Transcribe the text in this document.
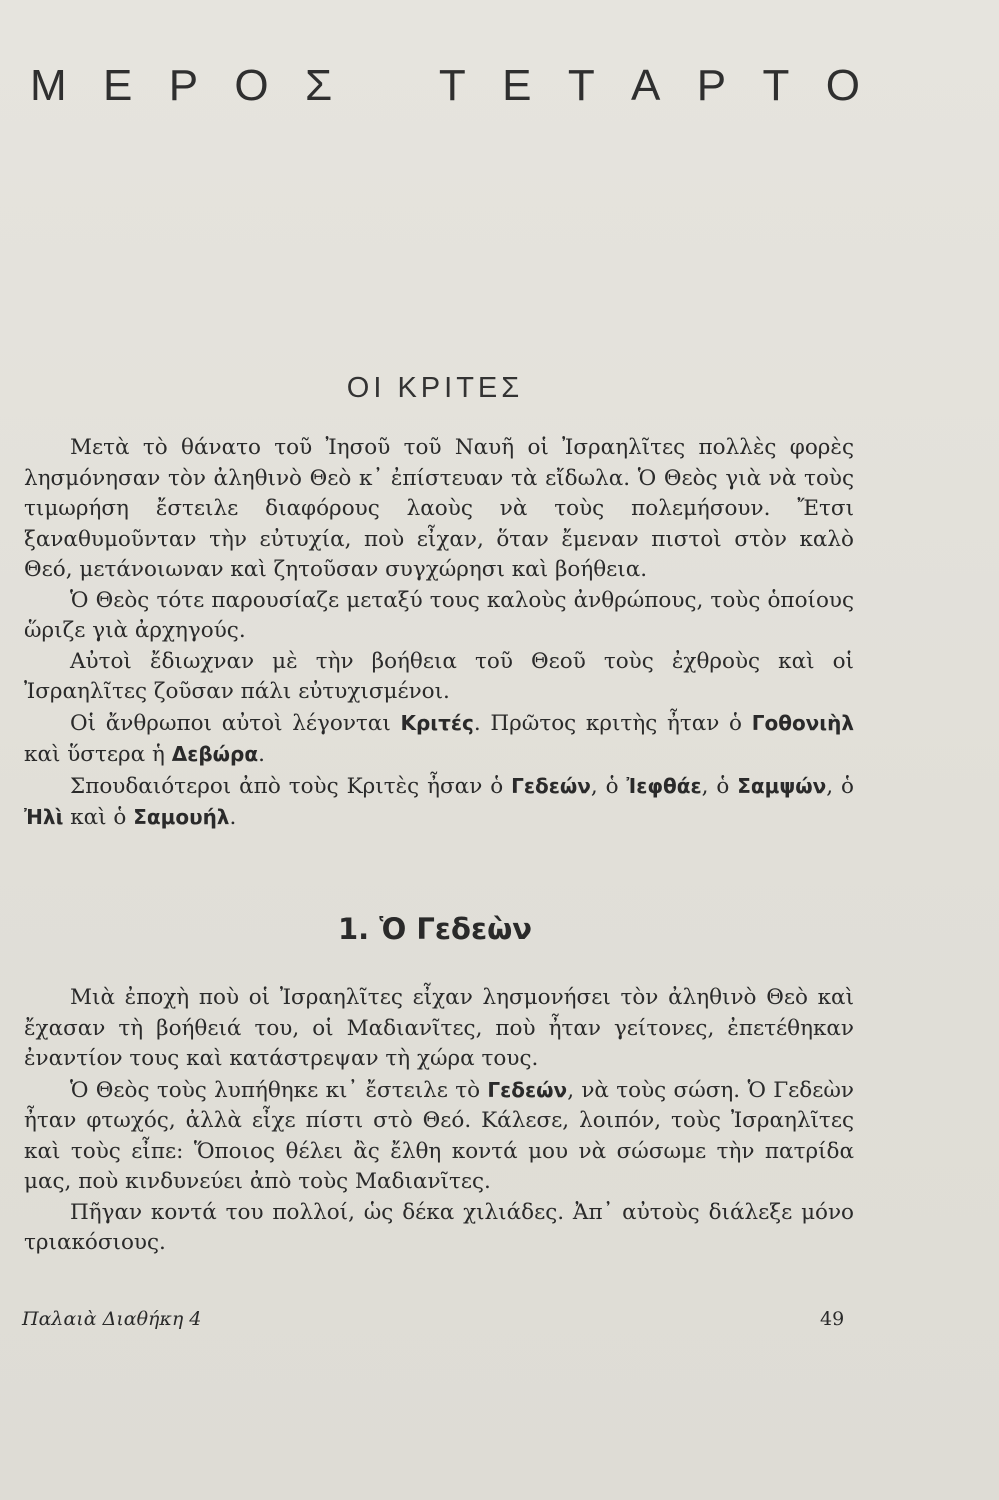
Μ Ε Ρ Ο Σ Τ Ε Τ Α Ρ Τ Ο
ΟΙ ΚΡΙΤΕΣ

Μετὰ τὸ θάνατο τοῦ Ἰησοῦ τοῦ Ναυῆ οἱ Ἰσραηλῖτες πολλὲς φορὲς λησμόνησαν τὸν ἀληθινὸ Θεὸ κ᾽ ἐπίστευαν τὰ εἴδωλα. Ὁ Θεὸς γιὰ νὰ τοὺς τιμωρήση ἔστειλε διαφόρους λαοὺς νὰ τοὺς πολεμήσουν. Ἔτσι ξαναθυμοῦνταν τὴν εὐτυχία, ποὺ εἶχαν, ὅταν ἔμεναν πιστοὶ στὸν καλὸ Θεό, μετάνοιωναν καὶ ζητοῦσαν συγχώρησι καὶ βοήθεια.

Ὁ Θεὸς τότε παρουσίαζε μεταξύ τους καλοὺς ἀνθρώπους, τοὺς ὁποίους ὥριζε γιὰ ἀρχηγούς.

Αὐτοὶ ἔδιωχναν μὲ τὴν βοήθεια τοῦ Θεοῦ τοὺς ἐχθροὺς καὶ οἱ Ἰσραηλῖτες ζοῦσαν πάλι εὐτυχισμένοι.

Οἱ ἄνθρωποι αὐτοὶ λέγονται Κριτές. Πρῶτος κριτὴς ἦταν ὁ Γοθονιὴλ καὶ ὕστερα ἡ Δεβώρα.

Σπουδαιότεροι ἀπὸ τοὺς Κριτὲς ἦσαν ὁ Γεδεών, ὁ Ἰεφθάε, ὁ Σαμψών, ὁ Ἠλὶ καὶ ὁ Σαμουήλ.

1. Ὁ Γεδεὼν

Μιὰ ἐποχὴ ποὺ οἱ Ἰσραηλῖτες εἶχαν λησμονήσει τὸν ἀληθινὸ Θεὸ καὶ ἔχασαν τὴ βοήθειά του, οἱ Μαδιανῖτες, ποὺ ἦταν γείτονες, ἐπετέθηκαν ἐναντίον τους καὶ κατάστρεψαν τὴ χώρα τους.

Ὁ Θεὸς τοὺς λυπήθηκε κι᾽ ἔστειλε τὸ Γεδεών, νὰ τοὺς σώση. Ὁ Γεδεὼν ἦταν φτωχός, ἀλλὰ εἶχε πίστι στὸ Θεό. Κάλεσε, λοιπόν, τοὺς Ἰσραηλῖτες καὶ τοὺς εἶπε: Ὅποιος θέλει ἂς ἔλθη κοντά μου νὰ σώσωμε τὴν πατρίδα μας, ποὺ κινδυνεύει ἀπὸ τοὺς Μαδιανῖτες.

Πῆγαν κοντά του πολλοί, ὡς δέκα χιλιάδες. Ἀπ᾽ αὐτοὺς διάλεξε μόνο τριακόσιους.

Παλαιὰ Διαθήκη 4	49
